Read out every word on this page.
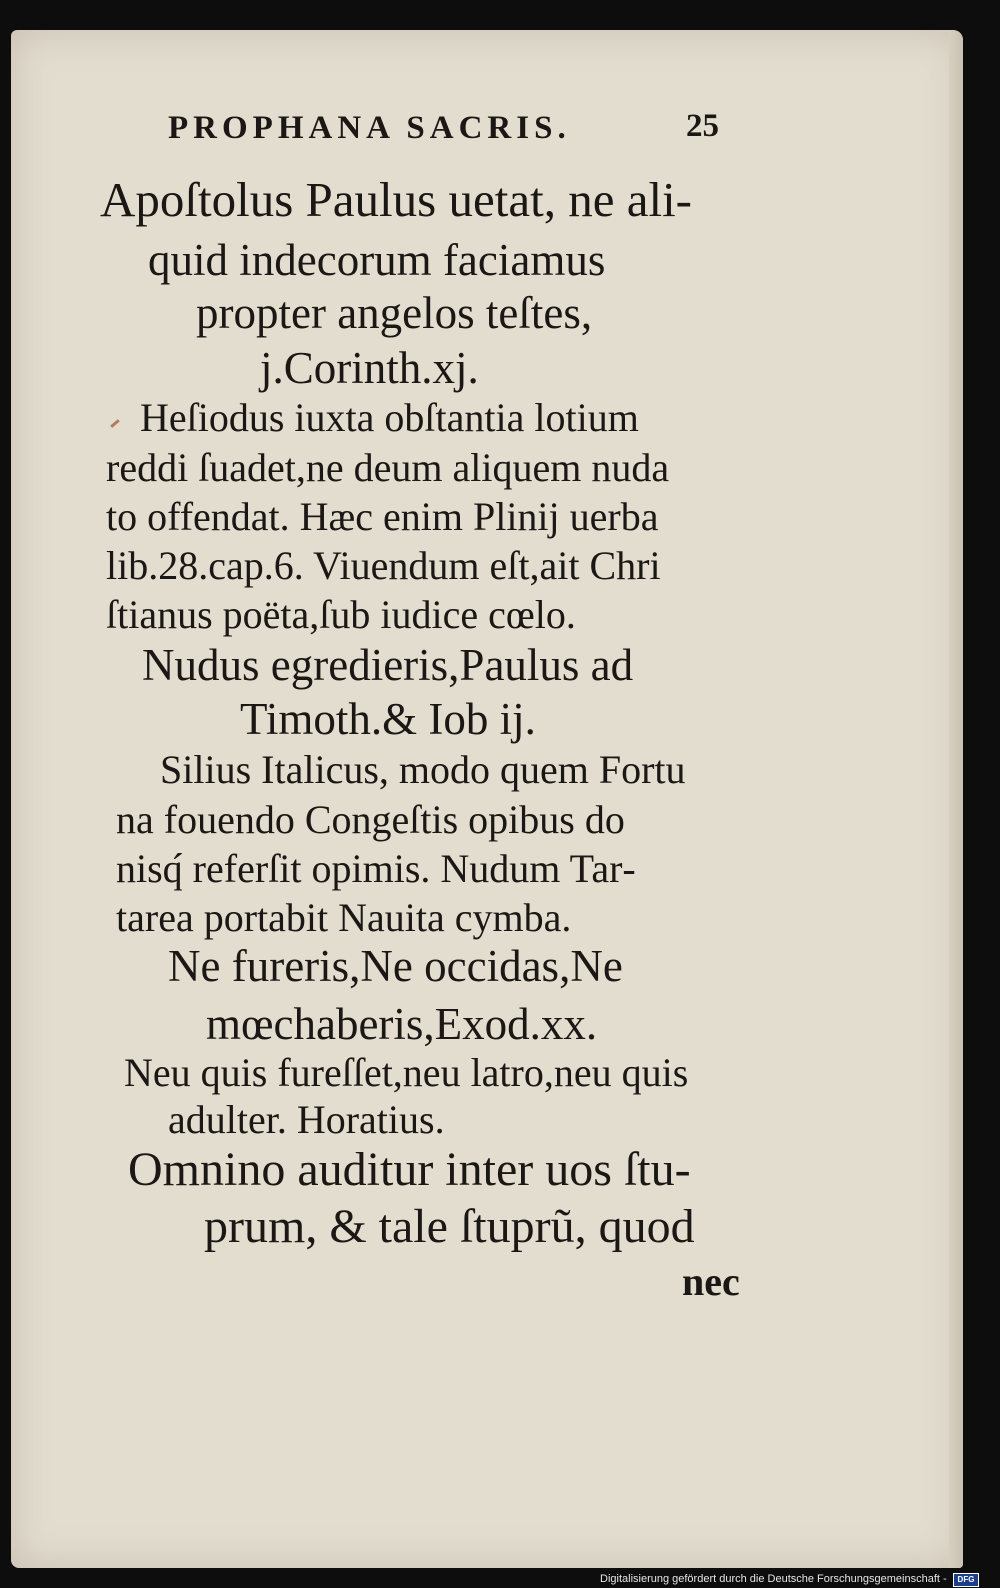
PROPHANA SACRIS.	25
Apoſtolus Paulus uetat, ne ali‐
quid indecorum faciamus
propter angelos teſtes,
j.Corinth.xj.
Heſiodus iuxta obſtantia lotium
reddi ſuadet,ne deum aliquem nuda
to offendat. Hæc enim Plinij uerba
lib.28.cap.6. Viuendum eſt,ait Chri
ſtianus poëta,ſub iudice cœlo.
Nudus egredieris,Paulus ad
Timoth.& Iob ij.
Silius Italicus, modo quem Fortu
na fouendo Congeſtis opibus do
nisq́ referſit opimis. Nudum Tar‐
tarea portabit Nauita cymba.
Ne fureris,Ne occidas,Ne
mœchaberis,Exod.xx.
Neu quis fureſſet,neu latro,neu quis
adulter. Horatius.
Omnino auditur inter uos ſtu‐
prum, & tale ſtuprũ, quod
nec
Digitalisierung gefördert durch die Deutsche Forschungsgemeinschaft -	DFG
